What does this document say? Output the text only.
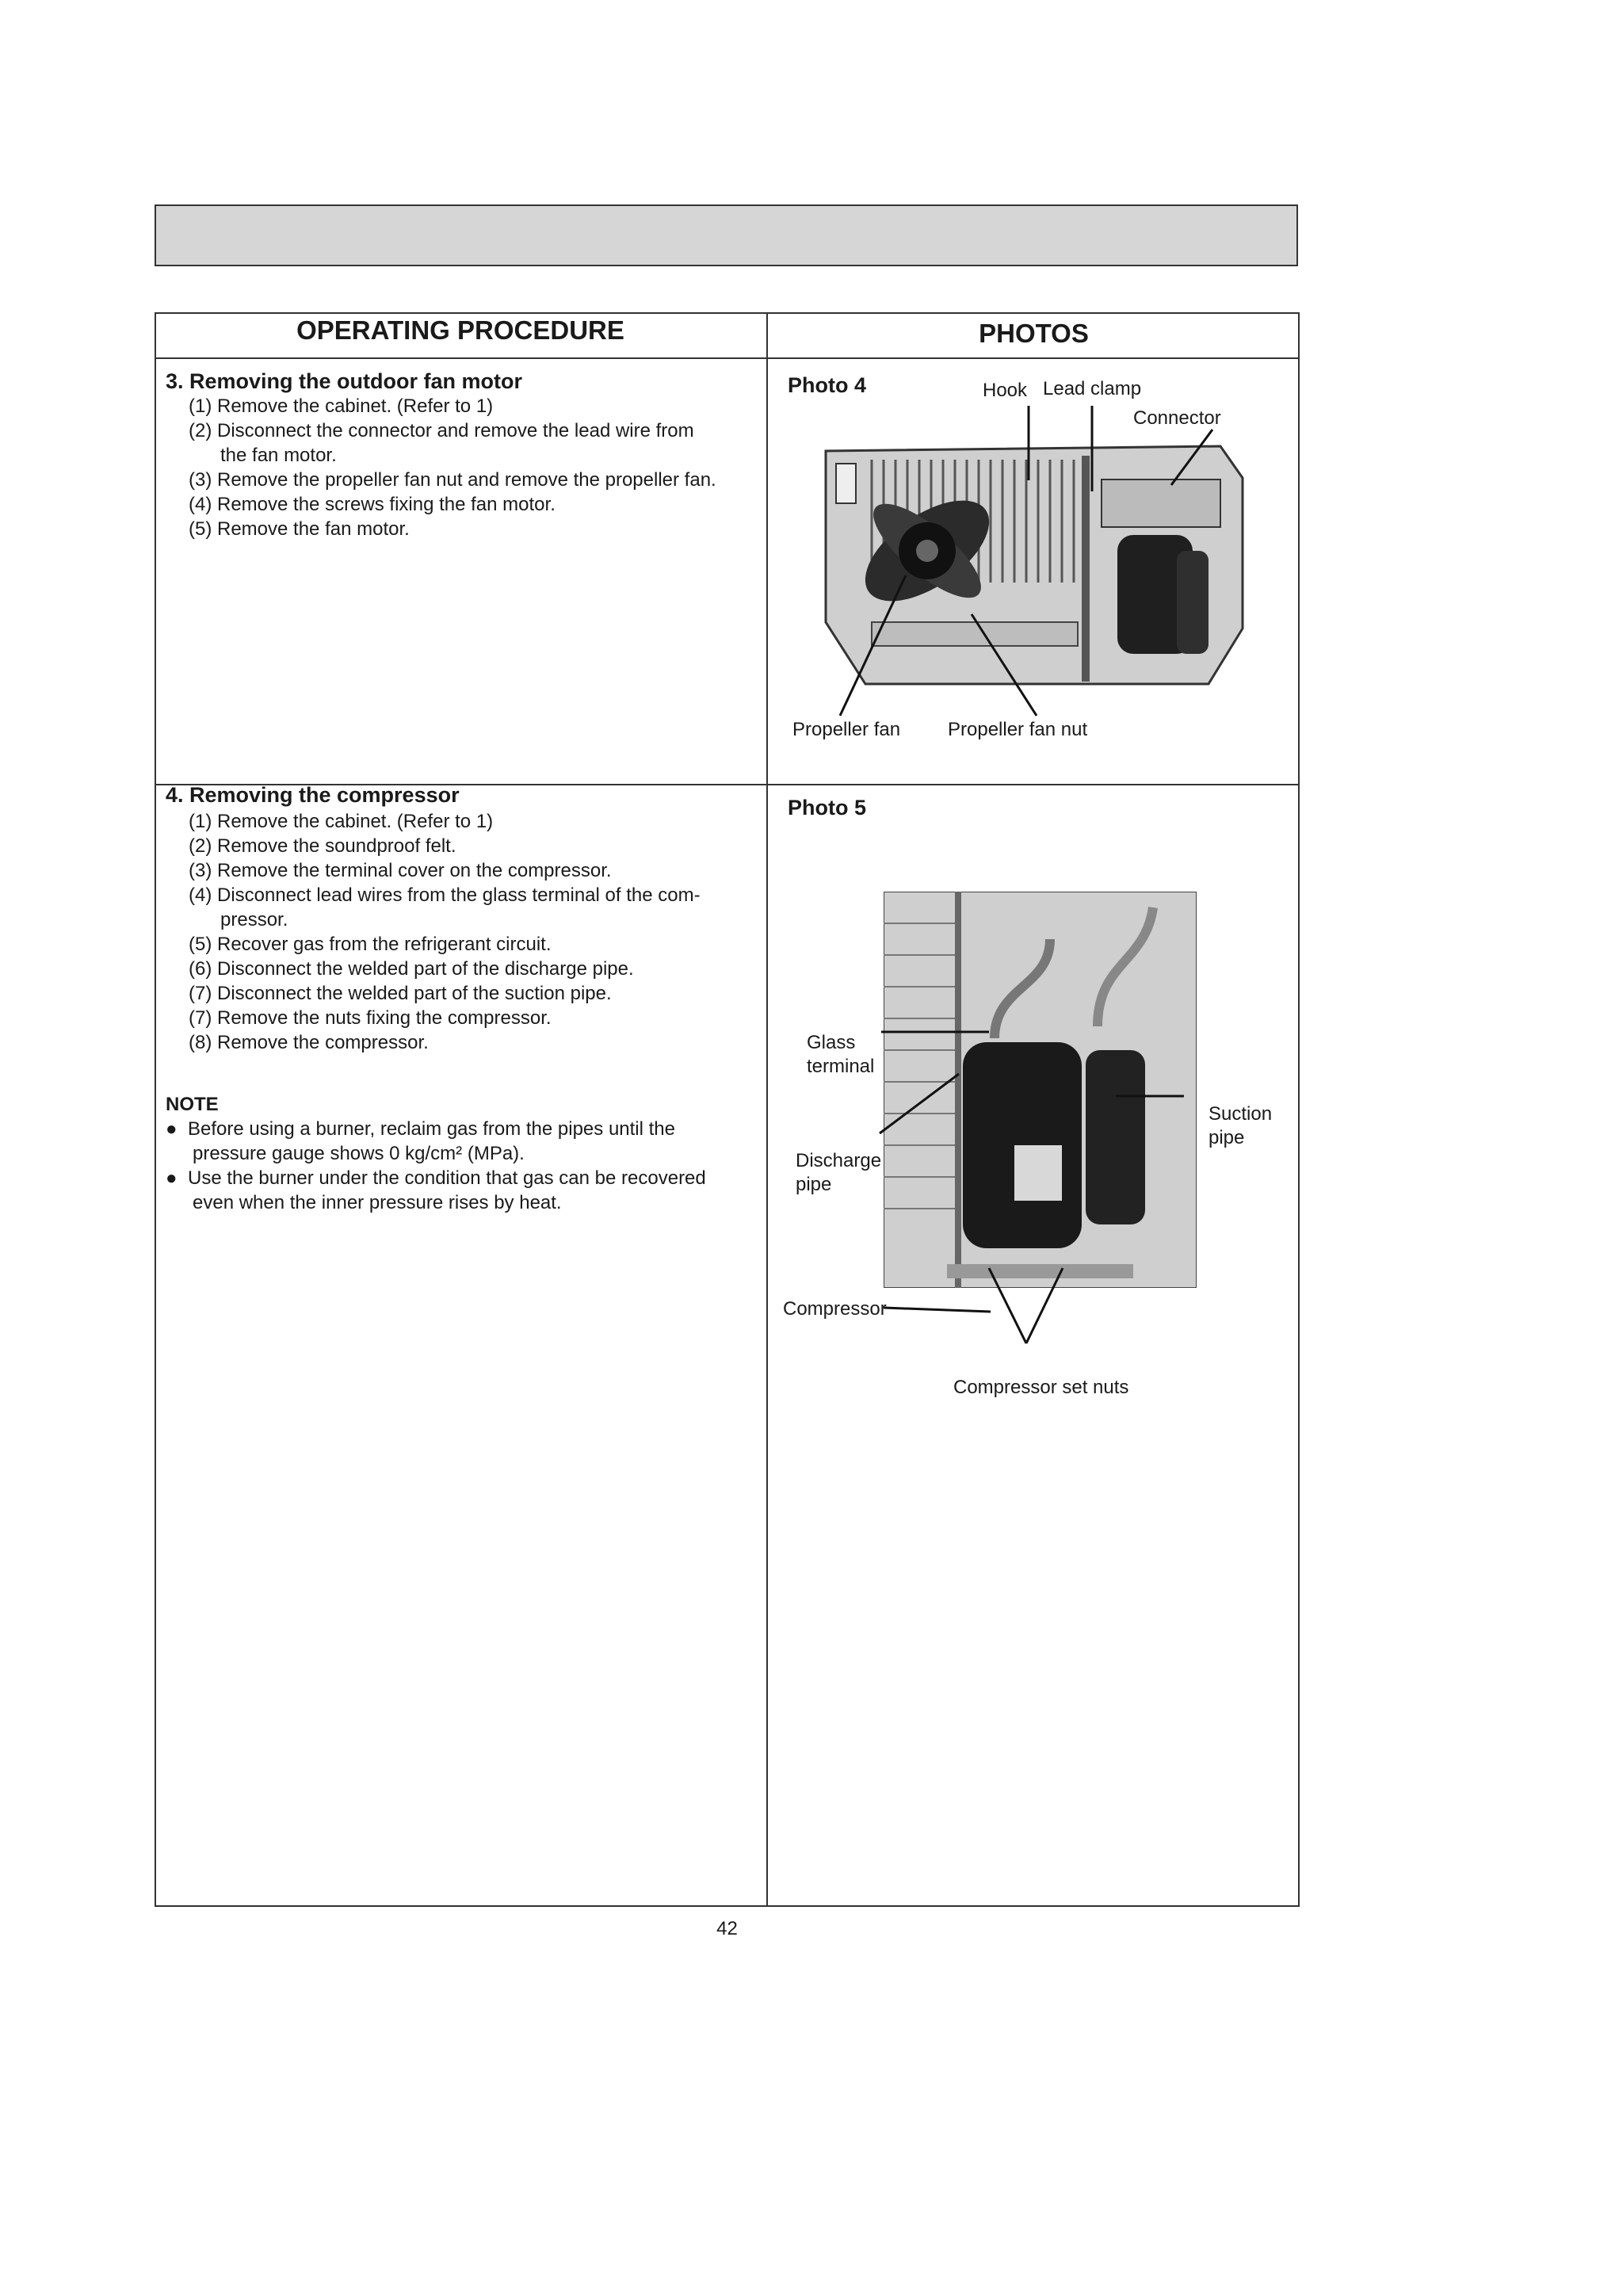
OPERATING PROCEDURE	PHOTOS
3. Removing the outdoor fan motor
(1) Remove the cabinet. (Refer to 1)
(2) Disconnect the connector and remove the lead wire from
the fan motor.
(3) Remove the propeller fan nut and remove the propeller fan.
(4) Remove the screws fixing the fan motor.
(5) Remove the fan motor.
Photo 4	Hook Lead clamp
Connector
Propeller fan Propeller fan nut
4. Removing the compressor
(1) Remove the cabinet. (Refer to 1)
(2) Remove the soundproof felt.
(3) Remove the terminal cover on the compressor.
(4) Disconnect lead wires from the glass terminal of the com-
pressor.
(5) Recover gas from the refrigerant circuit.
(6) Disconnect the welded part of the discharge pipe.
(7) Disconnect the welded part of the suction pipe.
(7) Remove the nuts fixing the compressor.
(8) Remove the compressor.
NOTE
● Before using a burner, reclaim gas from the pipes until the
pressure gauge shows 0 kg/cm² (MPa).
● Use the burner under the condition that gas can be recovered
even when the inner pressure rises by heat.
Photo 5
Glass
terminal
Suction
pipe
Discharge
pipe
Compressor
Compressor set nuts
42
